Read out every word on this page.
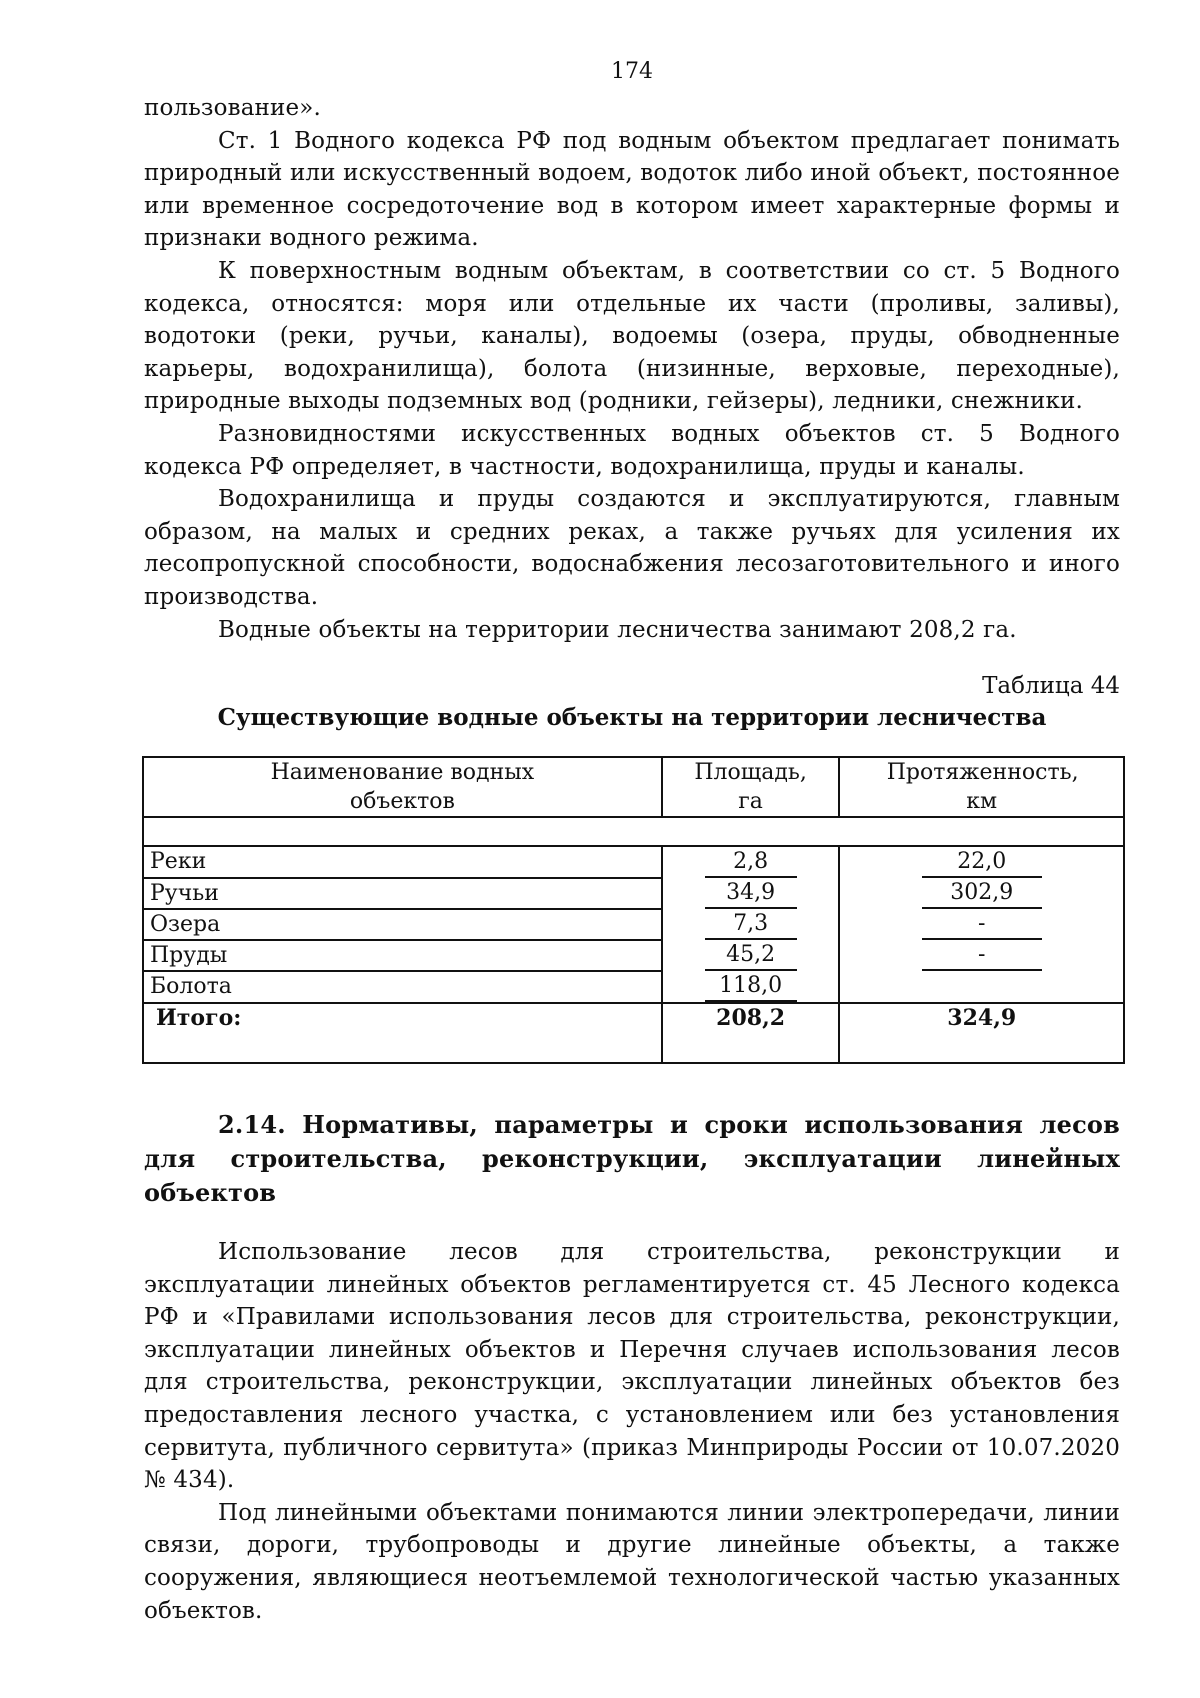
174

пользование».

Ст. 1 Водного кодекса РФ под водным объектом предлагает понимать природный или искусственный водоем, водоток либо иной объект, постоянное или временное сосредоточение вод в котором имеет характерные формы и признаки водного режима.

К поверхностным водным объектам, в соответствии со ст. 5 Водного кодекса, относятся: моря или отдельные их части (проливы, заливы), водотоки (реки, ручьи, каналы), водоемы (озера, пруды, обводненные карьеры, водохранилища), болота (низинные, верховые, переходные), природные выходы подземных вод (родники, гейзеры), ледники, снежники.

Разновидностями искусственных водных объектов ст. 5 Водного кодекса РФ определяет, в частности, водохранилища, пруды и каналы.

Водохранилища и пруды создаются и эксплуатируются, главным образом, на малых и средних реках, а также ручьях для усиления их лесопропускной способности, водоснабжения лесозаготовительного и иного производства.

Водные объекты на территории лесничества занимают 208,2 га.

Таблица 44
Существующие водные объекты на территории лесничества
Наименование водных объектов	Площадь, га	Протяженность, км

Реки	2,8	22,0
Ручьи	34,9	302,9
Озера	7,3	-
Пруды	45,2	-
Болота	118,0	
Итого:	208,2	324,9
2.14. Нормативы, параметры и сроки использования лесов для строительства, реконструкции, эксплуатации линейных объектов

Использование лесов для строительства, реконструкции и эксплуатации линейных объектов регламентируется ст. 45 Лесного кодекса РФ и «Правилами использования лесов для строительства, реконструкции, эксплуатации линейных объектов и Перечня случаев использования лесов для строительства, реконструкции, эксплуатации линейных объектов без предоставления лесного участка, с установлением или без установления сервитута, публичного сервитута» (приказ Минприроды России от 10.07.2020 № 434).

Под линейными объектами понимаются линии электропередачи, линии связи, дороги, трубопроводы и другие линейные объекты, а также сооружения, являющиеся неотъемлемой технологической частью указанных объектов.
